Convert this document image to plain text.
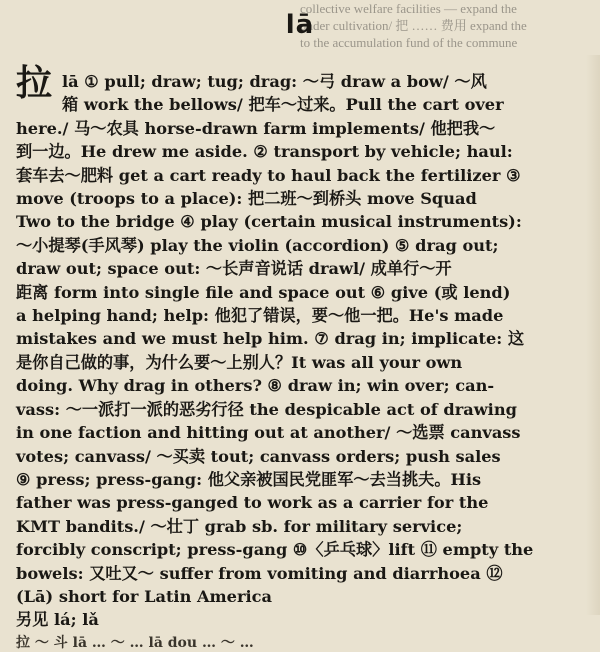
collective welfare facilities — expand the
under cultivation/ 把 …… 费用 expand the
to the accumulation fund of the commune
lā
拉 lā ① pull; draw; tug; drag: ～弓 draw a bow/ ～风
箱 work the bellows/ 把车～过来。Pull the cart over
here./ 马～农具 horse-drawn farm implements/ 他把我～
到一边。He drew me aside. ② transport by vehicle; haul:
套车去～肥料 get a cart ready to haul back the fertilizer ③
move (troops to a place): 把二班～到桥头 move Squad
Two to the bridge ④ play (certain musical instruments):
～小提琴(手风琴) play the violin (accordion) ⑤ drag out;
draw out; space out: ～长声音说话 drawl/ 成单行～开
距离 form into single file and space out ⑥ give (或 lend)
a helping hand; help: 他犯了错误，要～他一把。He's made
mistakes and we must help him. ⑦ drag in; implicate: 这
是你自己做的事，为什么要～上别人？It was all your own
doing. Why drag in others? ⑧ draw in; win over; can-
vass: ～一派打一派的恶劣行径 the despicable act of drawing
in one faction and hitting out at another/ ～选票 canvass
votes; canvass/ ～买卖 tout; canvass orders; push sales
⑨ press; press-gang: 他父亲被国民党匪军～去当挑夫。His
father was press-ganged to work as a carrier for the
KMT bandits./ ～壮丁 grab sb. for military service;
forcibly conscript; press-gang ⑩〈乒乓球〉lift ⑪ empty the
bowels: 又吐又～ suffer from vomiting and diarrhoea ⑫
(Lā) short for Latin America
另见 lá; lǎ
拉 ～ 斗 lā … ～ … lā dou … ～ …
